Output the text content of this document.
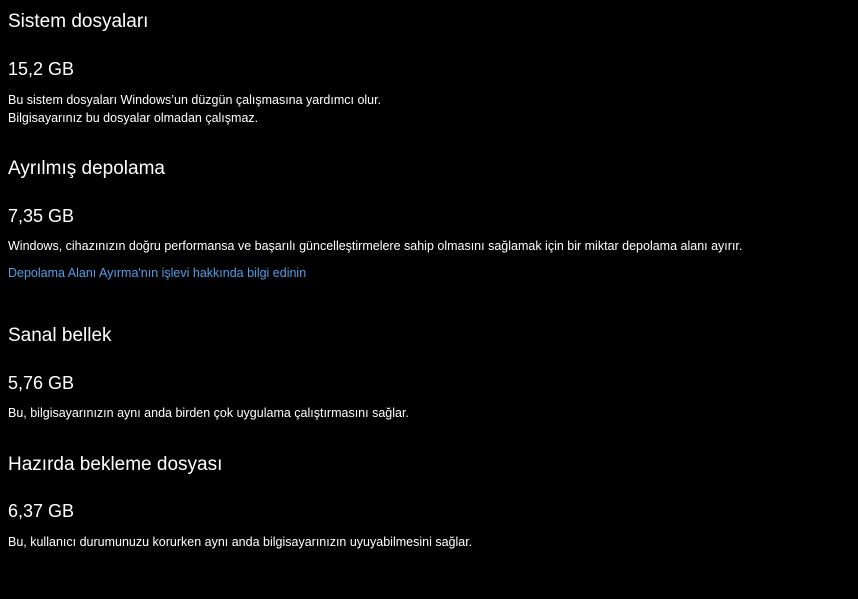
Sistem dosyaları
15,2 GB
Bu sistem dosyaları Windows’un düzgün çalışmasına yardımcı olur.
Bilgisayarınız bu dosyalar olmadan çalışmaz.
Ayrılmış depolama
7,35 GB
Windows, cihazınızın doğru performansa ve başarılı güncelleştirmelere sahip olmasını sağlamak için bir miktar depolama alanı ayırır.
Depolama Alanı Ayırma'nın işlevi hakkında bilgi edinin
Sanal bellek
5,76 GB
Bu, bilgisayarınızın aynı anda birden çok uygulama çalıştırmasını sağlar.
Hazırda bekleme dosyası
6,37 GB
Bu, kullanıcı durumunuzu korurken aynı anda bilgisayarınızın uyuyabilmesini sağlar.
